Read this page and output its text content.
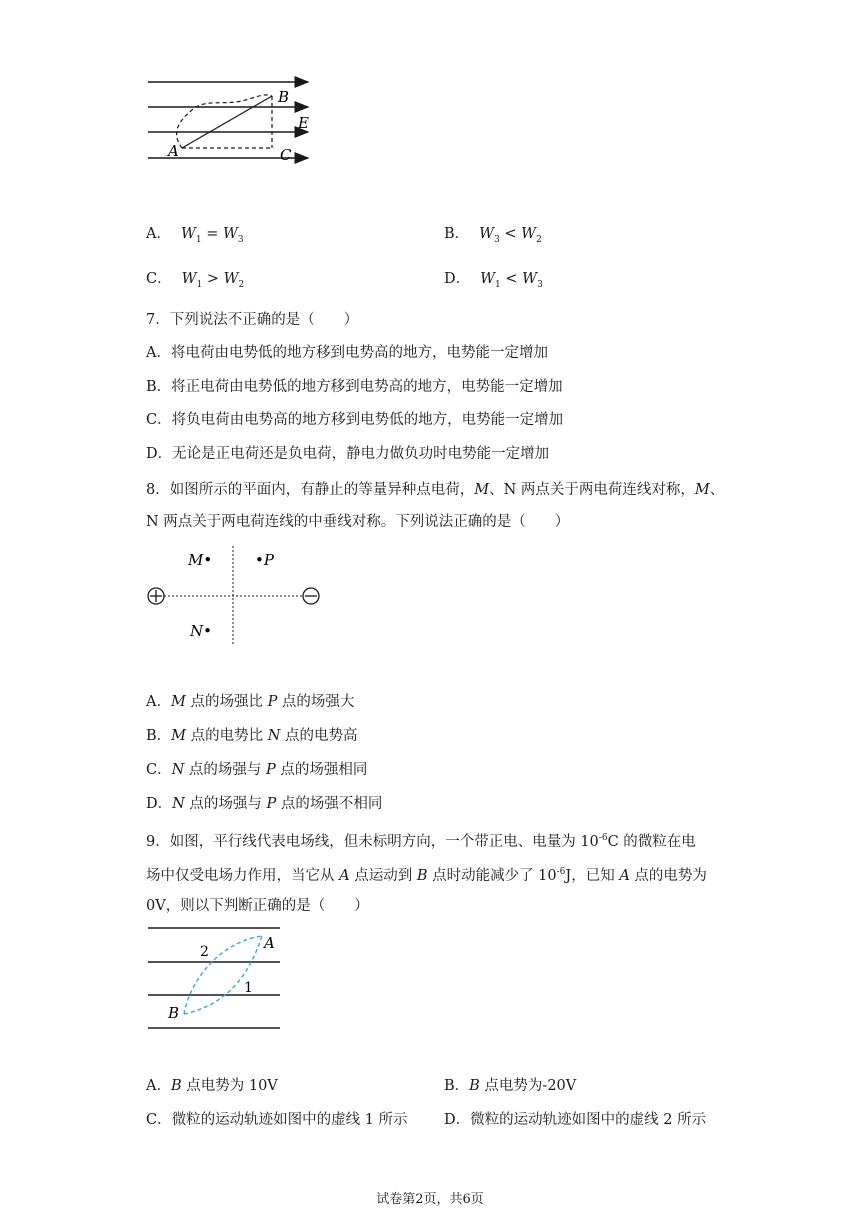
B
A
E
C
A． $W_1 = W_3$	B． $W_3 < W_2$
C． $W_1 > W_2$	D． $W_1 < W_3$
7．下列说法不正确的是（　　）
A．将电荷由电势低的地方移到电势高的地方，电势能一定增加
B．将正电荷由电势低的地方移到电势高的地方，电势能一定增加
C．将负电荷由电势高的地方移到电势低的地方，电势能一定增加
D．无论是正电荷还是负电荷，静电力做负功时电势能一定增加
8．如图所示的平面内，有静止的等量异种点电荷，M、N 两点关于两电荷连线对称，M、
N 两点关于两电荷连线的中垂线对称。下列说法正确的是（　　）
M•	•P
N•
A．M 点的场强比 P 点的场强大
B．M 点的电势比 N 点的电势高
C．N 点的场强与 P 点的场强相同
D．N 点的场强与 P 点的场强不相同
9．如图，平行线代表电场线，但未标明方向，一个带正电、电量为 $10^{-6}C$ 的微粒在电
场中仅受电场力作用，当它从 A 点运动到 B 点时动能减少了 $10^{-6}J$，已知 A 点的电势为
0V，则以下判断正确的是（　　）
A
B
1
2
A．B 点电势为 10V	B．B 点电势为-20V
C．微粒的运动轨迹如图中的虚线 1 所示	D．微粒的运动轨迹如图中的虚线 2 所示
试卷第2页，共6页
